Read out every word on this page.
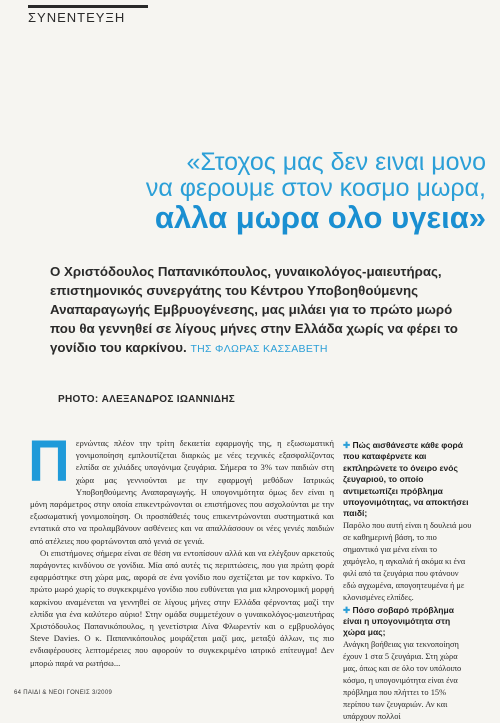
ΣΥΝΕΝΤΕΥΞΗ
«Στοχος μας δεν ειναι μονο
να φερουμε στον κοσμο μωρα,
αλλα μωρα ολο υγεια»
Ο Χριστόδουλος Παπανικόπουλος, γυναικολόγος-μαιευτήρας, επιστημονικός συνεργάτης του Κέντρου Υποβοηθούμενης Αναπαραγωγής Εμβρυογένεσης, μας μιλάει για το πρώτο μωρό που θα γεννηθεί σε λίγους μήνες στην Ελλάδα χωρίς να φέρει το γονίδιο του καρκίνου. ΤΗΣ ΦΛΩΡΑΣ ΚΑΣΣΑΒΕΤΗ
PHOTO: ΑΛΕΞΑΝΔΡΟΣ ΙΩΑΝΝΙΔΗΣ
Π ερνώντας πλέον την τρίτη δεκαετία εφαρμογής της, η εξωσωματική γονιμοποίηση εμπλουτίζεται διαρκώς με νέες τεχνικές εξασφαλίζοντας ελπίδα σε χιλιάδες υπογόνιμα ζευγάρια. Σήμερα το 3% των παιδιών στη χώρα μας γεννιούνται με την εφαρμογή μεθόδων Ιατρικώς Υποβοηθούμενης Αναπαραγωγής. Η υπογονιμότητα όμως δεν είναι η μόνη παράμετρος στην οποία επικεντρώνονται οι επιστήμονες που ασχολούνται με την εξωσωματική γονιμοποίηση. Οι προσπάθειές τους επικεντρώνονται συστηματικά και εντατικά στο να προλαμβάνουν ασθένειες και να απαλλάσσουν οι νέες γενιές παιδιών από ατέλειες που φορτώνονται από γενιά σε γενιά.

Οι επιστήμονες σήμερα είναι σε θέση να εντοπίσουν αλλά και να ελέγξουν αρκετούς παράγοντες κινδύνου σε γονίδια. Μία από αυτές τις περιπτώσεις, που για πρώτη φορά εφαρμόστηκε στη χώρα μας, αφορά σε ένα γονίδιο που σχετίζεται με τον καρκίνο. Το πρώτο μωρό χωρίς το συγκεκριμένο γονίδιο που ευθύνεται για μια κληρονομική μορφή καρκίνου αναμένεται να γεννηθεί σε λίγους μήνες στην Ελλάδα φέρνοντας μαζί την ελπίδα για ένα καλύτερο αύριο! Στην ομάδα συμμετέχουν ο γυναικολόγος-μαιευτήρας Χριστόδουλος Παπανικόπουλος, η γενετίστρια Λίνα Φλωρεντίν και ο εμβρυολόγος Steve Davies. Ο κ. Παπανικόπουλος μοιράζεται μαζί μας, μεταξύ άλλων, τις πιο ενδιαφέρουσες λεπτομέρειες που αφορούν το συγκεκριμένο ιατρικό επίτευγμα! Δεν μπορώ παρά να ρωτήσω...

✚ Πώς αισθάνεστε κάθε φορά που καταφέρνετε και εκπληρώνετε το όνειρο ενός ζευγαριού, το οποίο αντιμετωπίζει πρόβλημα υπογονιμότητας, να αποκτήσει παιδί;

Παρόλο που αυτή είναι η δουλειά μου σε καθημερινή βάση, το πιο σημαντικό για μένα είναι το χαμόγελο, η αγκαλιά ή ακόμα κι ένα φιλί από τα ζευγάρια που φτάνουν εδώ αγχωμένα, απογοητευμένα ή με κλονισμένες ελπίδες.

✚ Πόσο σοβαρό πρόβλημα είναι η υπογονιμότητα στη χώρα μας;

Ανάγκη βοήθειας για τεκνοποίηση έχουν 1 στα 5 ζευγάρια. Στη χώρα μας, όπως και σε όλο τον υπόλοιπο κόσμο, η υπογονιμότητα είναι ένα πρόβλημα που πλήττει το 15% περίπου των ζευγαριών. Αν και υπάρχουν πολλοί

64 ΠΑΙΔΙ & ΝΕΟΙ ΓΟΝΕΙΣ 3/2009
